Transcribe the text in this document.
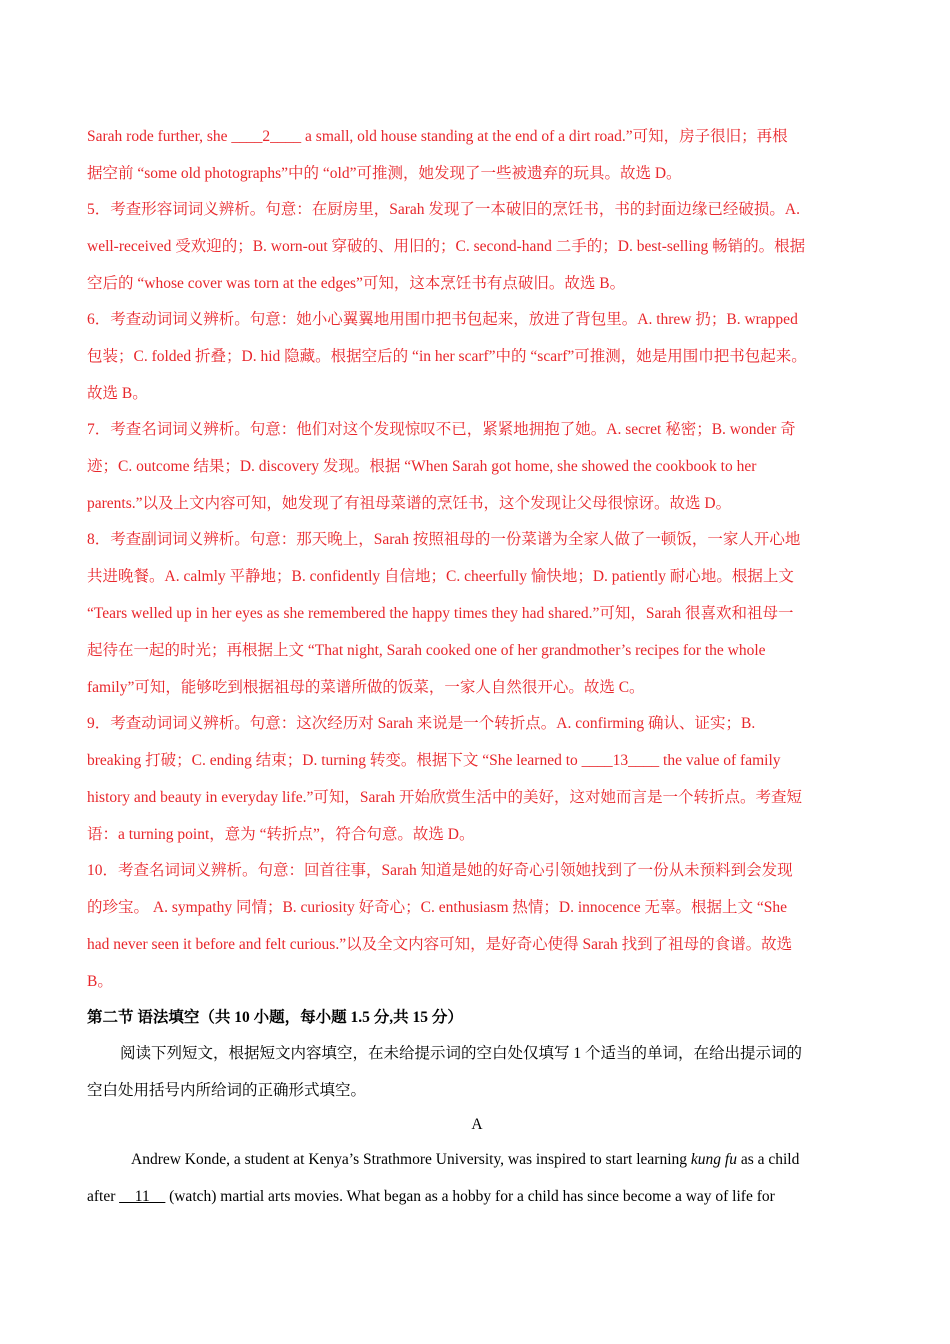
Sarah rode further, she ____2____ a small, old house standing at the end of a dirt road.”可知，房子很旧；再根
据空前 “some old photographs”中的 “old”可推测，她发现了一些被遗弃的玩具。故选 D。
5．考查形容词词义辨析。句意：在厨房里，Sarah 发现了一本破旧的烹饪书，书的封面边缘已经破损。A.
well-received 受欢迎的；B. worn-out 穿破的、用旧的；C. second-hand 二手的；D. best-selling 畅销的。根据
空后的 “whose cover was torn at the edges”可知，这本烹饪书有点破旧。故选 B。
6．考查动词词义辨析。句意：她小心翼翼地用围巾把书包起来，放进了背包里。A. threw 扔；B. wrapped
包装；C. folded 折叠；D. hid 隐藏。根据空后的 “in her scarf”中的 “scarf”可推测，她是用围巾把书包起来。
故选 B。
7．考查名词词义辨析。句意：他们对这个发现惊叹不已，紧紧地拥抱了她。A. secret 秘密；B. wonder 奇
迹；C. outcome 结果；D. discovery 发现。根据 “When Sarah got home, she showed the cookbook to her
parents.”以及上文内容可知，她发现了有祖母菜谱的烹饪书，这个发现让父母很惊讶。故选 D。
8．考查副词词义辨析。句意：那天晚上，Sarah 按照祖母的一份菜谱为全家人做了一顿饭，一家人开心地
共进晚餐。A. calmly 平静地；B. confidently 自信地；C. cheerfully 愉快地；D. patiently 耐心地。根据上文
“Tears welled up in her eyes as she remembered the happy times they had shared.”可知，Sarah 很喜欢和祖母一
起待在一起的时光；再根据上文 “That night, Sarah cooked one of her grandmother’s recipes for the whole
family”可知，能够吃到根据祖母的菜谱所做的饭菜，一家人自然很开心。故选 C。
9．考查动词词义辨析。句意：这次经历对 Sarah 来说是一个转折点。A. confirming 确认、证实；B.
breaking 打破；C. ending 结束；D. turning 转变。根据下文 “She learned to ____13____ the value of family
history and beauty in everyday life.”可知，Sarah 开始欣赏生活中的美好，这对她而言是一个转折点。考查短
语：a turning point，意为 “转折点”，符合句意。故选 D。
10．考查名词词义辨析。句意：回首往事，Sarah 知道是她的好奇心引领她找到了一份从未预料到会发现
的珍宝。 A. sympathy 同情；B. curiosity 好奇心；C. enthusiasm 热情；D. innocence 无辜。根据上文 “She
had never seen it before and felt curious.”以及全文内容可知，是好奇心使得 Sarah 找到了祖母的食谱。故选
B。
第二节 语法填空（共 10 小题，每小题 1.5 分,共 15 分）
阅读下列短文，根据短文内容填空，在未给提示词的空白处仅填写 1 个适当的单词，在给出提示词的
空白处用括号内所给词的正确形式填空。
A
Andrew Konde, a student at Kenya’s Strathmore University, was inspired to start learning kung fu as a child
after __11__ (watch) martial arts movies. What began as a hobby for a child has since become a way of life for
